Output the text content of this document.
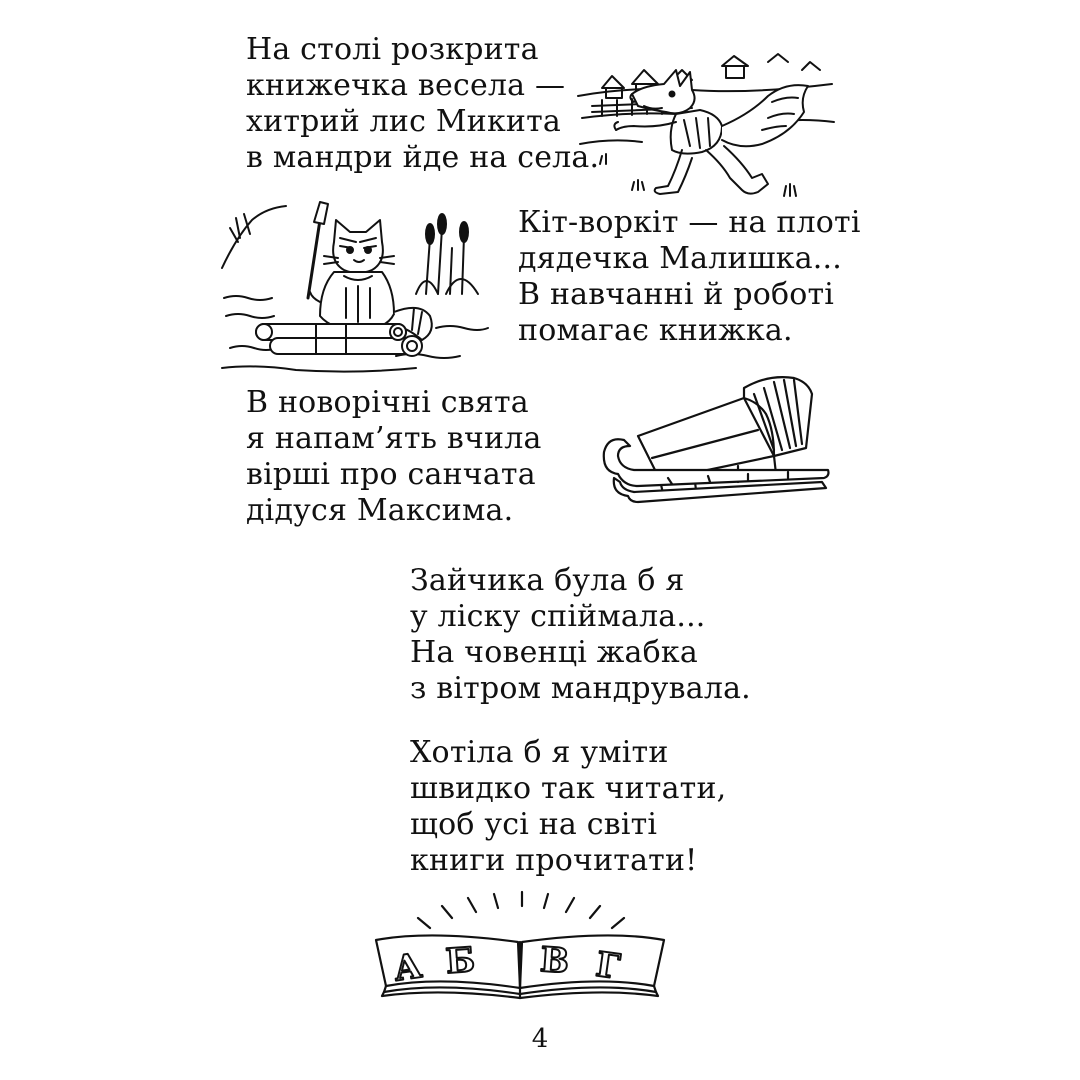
На столі розкрита
книжечка весела —
хитрий лис Микита
в мандри йде на села.
Кіт-воркіт — на плоті
дядечка Малишка...
В навчанні й роботі
помагає книжка.
В новорічні свята
я напам’ять вчила
вірші про санчата
дідуся Максима.
Зайчика була б я
у ліску спіймала...
На човенці жабка
з вітром мандрувала.
Хотіла б я уміти
швидко так читати,
щоб усі на світі
книги прочитати!
А Б В Г
4
